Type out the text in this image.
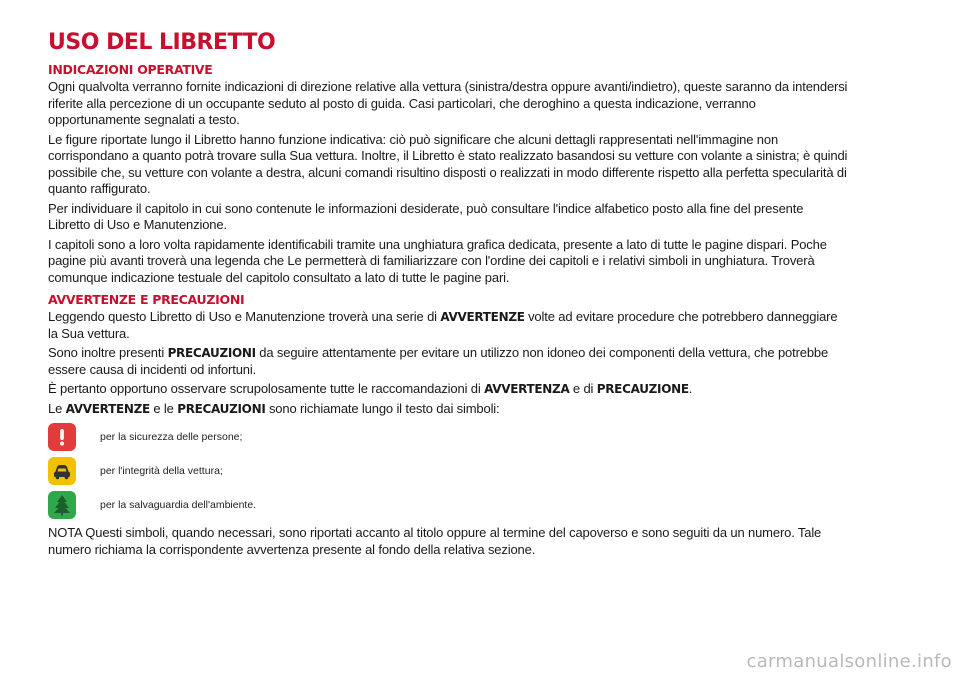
USO DEL LIBRETTO
INDICAZIONI OPERATIVE

Ogni qualvolta verranno fornite indicazioni di direzione relative alla vettura (sinistra/destra oppure avanti/indietro), queste saranno da intendersi riferite alla percezione di un occupante seduto al posto di guida. Casi particolari, che deroghino a questa indicazione, verranno opportunamente segnalati a testo.

Le figure riportate lungo il Libretto hanno funzione indicativa: ciò può significare che alcuni dettagli rappresentati nell'immagine non corrispondano a quanto potrà trovare sulla Sua vettura. Inoltre, il Libretto è stato realizzato basandosi su vetture con volante a sinistra; è quindi possibile che, su vetture con volante a destra, alcuni comandi risultino disposti o realizzati in modo differente rispetto alla perfetta specularità di quanto raffigurato.

Per individuare il capitolo in cui sono contenute le informazioni desiderate, può consultare l'indice alfabetico posto alla fine del presente Libretto di Uso e Manutenzione.

I capitoli sono a loro volta rapidamente identificabili tramite una unghiatura grafica dedicata, presente a lato di tutte le pagine dispari. Poche pagine più avanti troverà una legenda che Le permetterà di familiarizzare con l'ordine dei capitoli e i relativi simboli in unghiatura. Troverà comunque indicazione testuale del capitolo consultato a lato di tutte le pagine pari.

AVVERTENZE E PRECAUZIONI

Leggendo questo Libretto di Uso e Manutenzione troverà una serie di AVVERTENZE volte ad evitare procedure che potrebbero danneggiare la Sua vettura.

Sono inoltre presenti PRECAUZIONI da seguire attentamente per evitare un utilizzo non idoneo dei componenti della vettura, che potrebbe essere causa di incidenti od infortuni.

È pertanto opportuno osservare scrupolosamente tutte le raccomandazioni di AVVERTENZA e di PRECAUZIONE.

Le AVVERTENZE e le PRECAUZIONI sono richiamate lungo il testo dai simboli:

per la sicurezza delle persone;
per l'integrità della vettura;
per la salvaguardia dell'ambiente.

NOTA Questi simboli, quando necessari, sono riportati accanto al titolo oppure al termine del capoverso e sono seguiti da un numero. Tale numero richiama la corrispondente avvertenza presente al fondo della relativa sezione.

carmanualsonline.info
